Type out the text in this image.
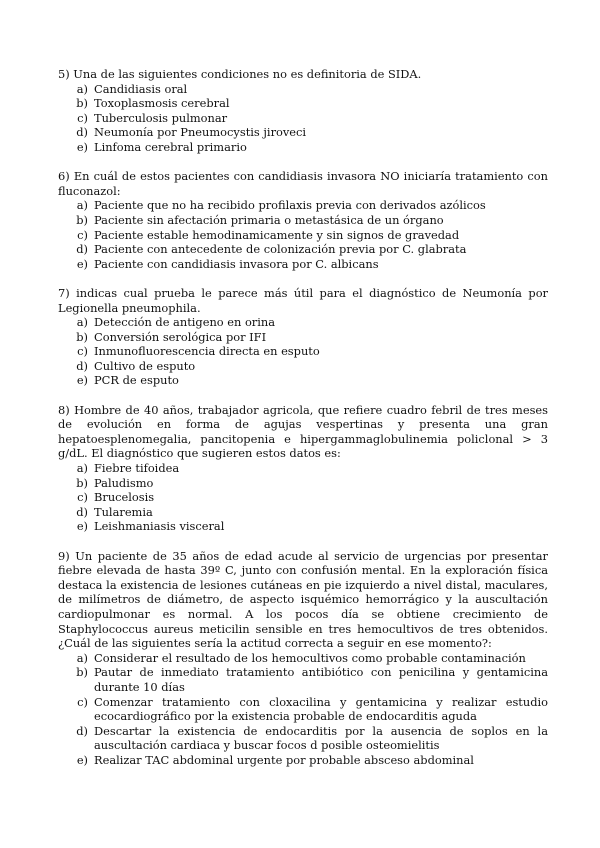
5) Una de las siguientes condiciones no es definitoria de SIDA.
a) Candidiasis oral
b) Toxoplasmosis cerebral
c) Tuberculosis pulmonar
d) Neumonía por Pneumocystis jiroveci
e) Linfoma cerebral primario
6) En cuál de estos pacientes con candidiasis invasora NO iniciaría tratamiento con fluconazol:
a) Paciente que no ha recibido profilaxis previa con derivados azólicos
b) Paciente sin afectación primaria o metastásica de un órgano
c) Paciente estable hemodinamicamente y sin signos de gravedad
d) Paciente con antecedente de colonización previa por C. glabrata
e) Paciente con candidiasis invasora por C. albicans
7) indicas cual prueba le parece más útil para el diagnóstico de Neumonía por Legionella pneumophila.
a) Detección de antigeno en orina
b) Conversión serológica por IFI
c) Inmunofluorescencia directa en esputo
d) Cultivo de esputo
e) PCR de esputo
8) Hombre de 40 años, trabajador agricola, que refiere cuadro febril de tres meses de evolución en forma de agujas vespertinas y presenta una gran hepatoesplenomegalia, pancitopenia e hipergammaglobulinemia policlonal > 3 g/dL. El diagnóstico que sugieren estos datos es:
a) Fiebre tifoidea
b) Paludismo
c) Brucelosis
d) Tularemia
e) Leishmaniasis visceral
9) Un paciente de 35 años de edad acude al servicio de urgencias por presentar fiebre elevada de hasta 39º C, junto con confusión mental. En la exploración física destaca la existencia de lesiones cutáneas en pie izquierdo a nivel distal, maculares, de milímetros de diámetro, de aspecto isquémico hemorrágico y la auscultación cardiopulmonar es normal. A los pocos día se obtiene crecimiento de Staphylococcus aureus meticilin sensible en tres hemocultivos de tres obtenidos. ¿Cuál de las siguientes sería la actitud correcta a seguir en ese momento?:
a) Considerar el resultado de los hemocultivos como probable contaminación
b) Pautar de inmediato tratamiento antibiótico con penicilina y gentamicina durante 10 días
c) Comenzar tratamiento con cloxacilina y gentamicina y realizar estudio ecocardiográfico por la existencia probable de endocarditis aguda
d) Descartar la existencia de endocarditis por la ausencia de soplos en la auscultación cardiaca y buscar focos d posible osteomielitis
e) Realizar TAC abdominal urgente por probable absceso abdominal
